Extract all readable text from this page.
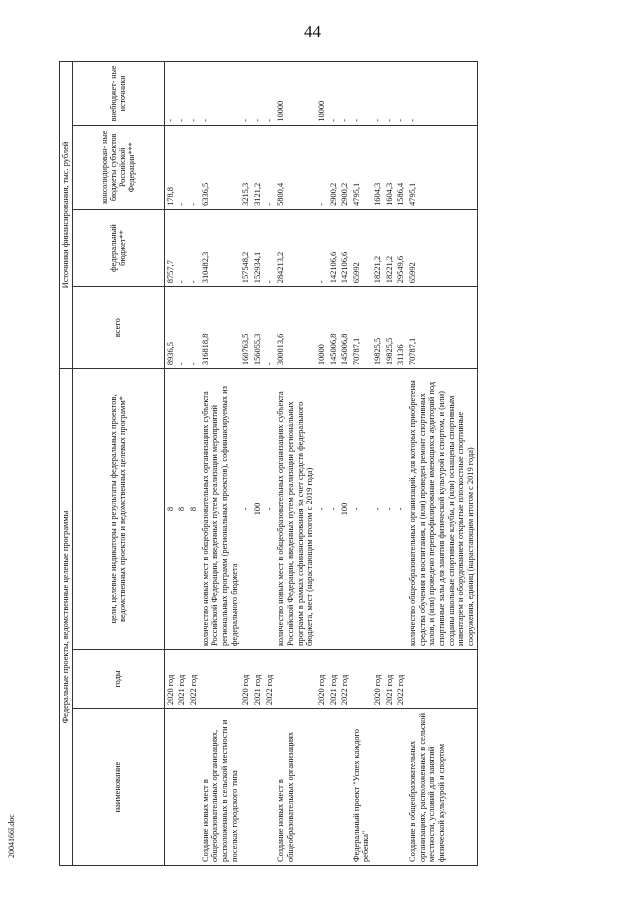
44
2004166l.doc
Федеральные проекты, ведомственные целевые программы			Источники финансирования, тыс. рублей			
наименование	годы	цели, целевые индикаторы и результаты федеральных проектов, ведомственных проектов и ведомственных целевых программ*	всего	федеральный бюджет**	консолидирован- ные бюджеты субъектов Российской Федерации***	внебюджет- ные источники
	2020 год	8	8936,5	8757,7	178,8	-
	2021 год	8	-	-	-	-
	2022 год	8	-	-	-	-
Создание новых мест в общеобразовательных организациях, расположенных в сельской местности и поселках городского типа		количество новых мест в общеобразовательных организациях субъекта Российской Федерации, введенных путем реализации мероприятий региональных программ (региональных проектов), софинансируемых из федерального бюджета	316818,8	310482,3	6336,5	-
	2020 год	-	160763,5	157548,2	3215,3	-
	2021 год	100	156055,3	152934,1	3121,2	-
	2022 год	-	-	-	-	-
Создание новых мест в общеобразовательных организациях		количество новых мест в общеобразовательных организациях субъекта Российской Федерации, введенных путем реализации региональных программ в рамках софинансирования за счет средств федерального бюджета, мест (нарастающим итогом с 2019 года)	300013,6	284213,2	5800,4	10000
	2020 год	-	10000	-	-	10000
	2021 год	-	145006,8	142106,6	2900,2	-
	2022 год	100	145006,8	142106,6	2900,2	-
Федеральный проект "Успех каждого ребенка"		-	70787,1	65992	4795,1	-
	2020 год	-	19825,5	18221,2	1604,3	-
	2021 год	-	19825,5	18221,2	1604,3	-
	2022 год	-	31136	29549,6	1586,4	-
Создание в общеобразовательных организациях, расположенных в сельской местности, условий для занятий физической культурой и спортом		количество общеобразовательных организаций, для которых приобретены средства обучения и воспитания, и (или) проведен ремонт спортивных залов, и (или) проведено перепрофилирование имеющихся аудиторий под спортивные залы для занятия физической культурой и спортом, и (или) созданы школьные спортивные клубы, и (или) оснащены спортивным инвентарем и оборудованием открытые плоскостные спортивные сооружения, единиц (нарастающим итогом с 2019 года)	70787,1	65992	4795,1	-
